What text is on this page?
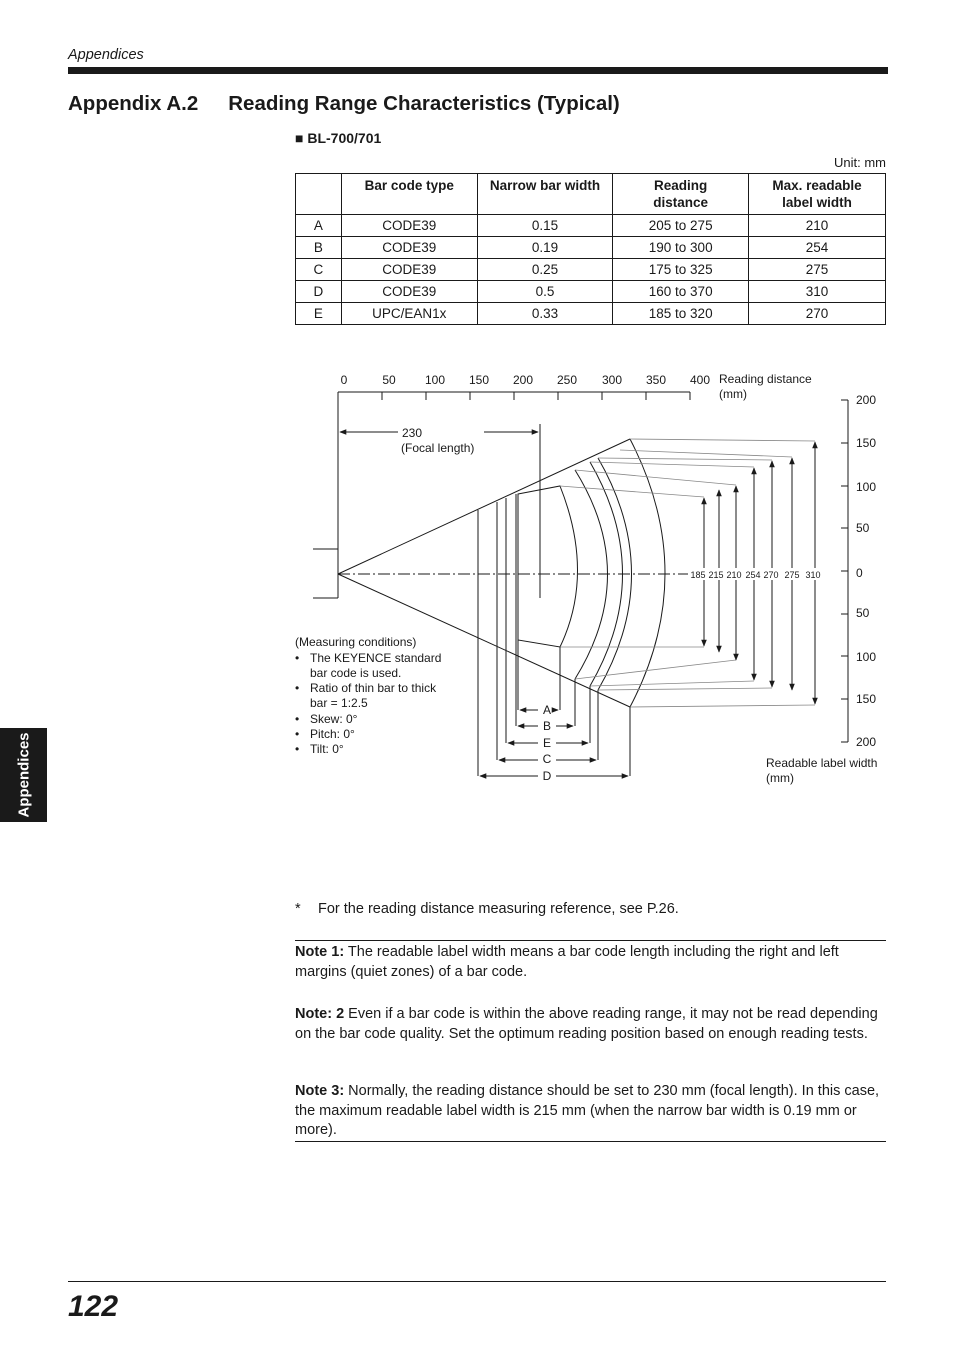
Appendices
Appendix A.2 Reading Range Characteristics (Typical)
■ BL-700/701
Unit: mm
	Bar code type	Narrow bar width	Reading distance	Max. readable label width

A	CODE39	0.15	205 to 275	210
B	CODE39	0.19	190 to 300	254
C	CODE39	0.25	175 to 325	275
D	CODE39	0.5	160 to 370	310
E	UPC/EAN1x	0.33	185 to 320	270
0	50 100 150 200 250 300 350 400 Reading distance
(mm)
230
(Focal length)
185 215 210 254 270 275 310
200
150
100
50
0
50
100
150
200
Readable label width
(mm)
A
B
E
C
D
(Measuring conditions)
• The KEYENCE standard
bar code is used.
• Ratio of thin bar to thick
bar = 1:2.5
• Skew: 0°
• Pitch: 0°
• Tilt: 0°
Appendices
* For the reading distance measuring reference, see P.26.
Note 1: The readable label width means a bar code length including the right and left margins (quiet zones) of a bar code.
Note: 2 Even if a bar code is within the above reading range, it may not be read depending on the bar code quality. Set the optimum reading position based on enough reading tests.
Note 3: Normally, the reading distance should be set to 230 mm (focal length). In this case, the maximum readable label width is 215 mm (when the narrow bar width is 0.19 mm or more).
122
